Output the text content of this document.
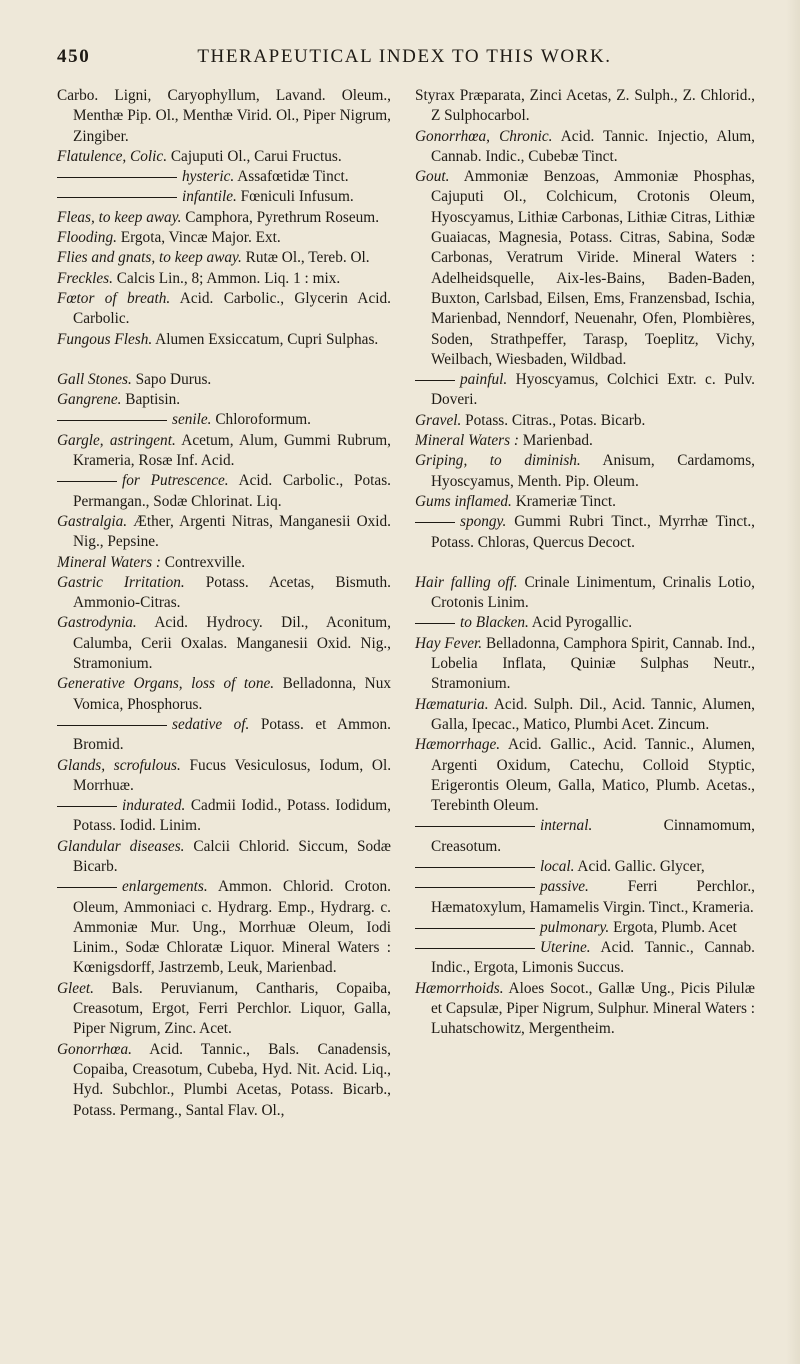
450	THERAPEUTICAL INDEX TO THIS WORK.

Carbo. Ligni, Caryophyllum, Lavand. Oleum., Menthæ Pip. Ol., Menthæ Virid. Ol., Piper Nigrum, Zingiber.

Flatulence, Colic. Cajuputi Ol., Carui Fructus.

hysteric. Assafœtidæ Tinct.

infantile. Fœniculi Infusum.

Fleas, to keep away. Camphora, Pyrethrum Roseum.

Flooding. Ergota, Vincæ Major. Ext.

Flies and gnats, to keep away. Rutæ Ol., Tereb. Ol.

Freckles. Calcis Lin., 8; Ammon. Liq. 1 : mix.

Fœtor of breath. Acid. Carbolic., Glycerin Acid. Carbolic.

Fungous Flesh. Alumen Exsiccatum, Cupri Sulphas.

Gall Stones. Sapo Durus.

Gangrene. Baptisin.

senile. Chloroformum.

Gargle, astringent. Acetum, Alum, Gummi Rubrum, Krameria, Rosæ Inf. Acid.

for Putrescence. Acid. Carbolic., Potas. Permangan., Sodæ Chlorinat. Liq.

Gastralgia. Æther, Argenti Nitras, Manganesii Oxid. Nig., Pepsine.

Mineral Waters : Contrexville.

Gastric Irritation. Potass. Acetas, Bismuth. Ammonio-Citras.

Gastrodynia. Acid. Hydrocy. Dil., Aconitum, Calumba, Cerii Oxalas. Manganesii Oxid. Nig., Stramonium.

Generative Organs, loss of tone. Belladonna, Nux Vomica, Phosphorus.

sedative of. Potass. et Ammon. Bromid.

Glands, scrofulous. Fucus Vesiculosus, Iodum, Ol. Morrhuæ.

indurated. Cadmii Iodid., Potass. Iodidum, Potass. Iodid. Linim.

Glandular diseases. Calcii Chlorid. Siccum, Sodæ Bicarb.

enlargements. Ammon. Chlorid. Croton. Oleum, Ammoniaci c. Hydrarg. Emp., Hydrarg. c. Ammoniæ Mur. Ung., Morrhuæ Oleum, Iodi Linim., Sodæ Chloratæ Liquor. Mineral Waters : Kœnigsdorff, Jastrzemb, Leuk, Marienbad.

Gleet. Bals. Peruvianum, Cantharis, Copaiba, Creasotum, Ergot, Ferri Perchlor. Liquor, Galla, Piper Nigrum, Zinc. Acet.

Gonorrhœa. Acid. Tannic., Bals. Canadensis, Copaiba, Creasotum, Cubeba, Hyd. Nit. Acid. Liq., Hyd. Subchlor., Plumbi Acetas, Potass. Bicarb., Potass. Permang., Santal Flav. Ol.,

Styrax Præparata, Zinci Acetas, Z. Sulph., Z. Chlorid., Z Sulphocarbol.

Gonorrhœa, Chronic. Acid. Tannic. Injectio, Alum, Cannab. Indic., Cubebæ Tinct.

Gout. Ammoniæ Benzoas, Ammoniæ Phosphas, Cajuputi Ol., Colchicum, Crotonis Oleum, Hyoscyamus, Lithiæ Carbonas, Lithiæ Citras, Lithiæ Guaiacas, Magnesia, Potass. Citras, Sabina, Sodæ Carbonas, Veratrum Viride. Mineral Waters : Adelheidsquelle, Aix-les-Bains, Baden-Baden, Buxton, Carlsbad, Eilsen, Ems, Franzensbad, Ischia, Marienbad, Nenndorf, Neuenahr, Ofen, Plombières, Soden, Strathpeffer, Tarasp, Toeplitz, Vichy, Weilbach, Wiesbaden, Wildbad.

painful. Hyoscyamus, Colchici Extr. c. Pulv. Doveri.

Gravel. Potass. Citras., Potas. Bicarb.

Mineral Waters : Marienbad.

Griping, to diminish. Anisum, Cardamoms, Hyoscyamus, Menth. Pip. Oleum.

Gums inflamed. Krameriæ Tinct.

spongy. Gummi Rubri Tinct., Myrrhæ Tinct., Potass. Chloras, Quercus Decoct.

Hair falling off. Crinale Linimentum, Crinalis Lotio, Crotonis Linim.

to Blacken. Acid Pyrogallic.

Hay Fever. Belladonna, Camphora Spirit, Cannab. Ind., Lobelia Inflata, Quiniæ Sulphas Neutr., Stramonium.

Hæmaturia. Acid. Sulph. Dil., Acid. Tannic, Alumen, Galla, Ipecac., Matico, Plumbi Acet. Zincum.

Hæmorrhage. Acid. Gallic., Acid. Tannic., Alumen, Argenti Oxidum, Catechu, Colloid Styptic, Erigerontis Oleum, Galla, Matico, Plumb. Acetas., Terebinth Oleum.

internal.	Cinnamomum, Creasotum.

local. Acid. Gallic. Glycer,

passive.	Ferri Perchlor., Hæmatoxylum, Hamamelis Virgin. Tinct., Krameria.

pulmonary. Ergota, Plumb. Acet

Uterine. Acid. Tannic., Cannab. Indic., Ergota, Limonis Succus.

Hæmorrhoids. Aloes Socot., Gallæ Ung., Picis Pilulæ et Capsulæ, Piper Nigrum, Sulphur. Mineral Waters : Luhatschowitz, Mergentheim.
